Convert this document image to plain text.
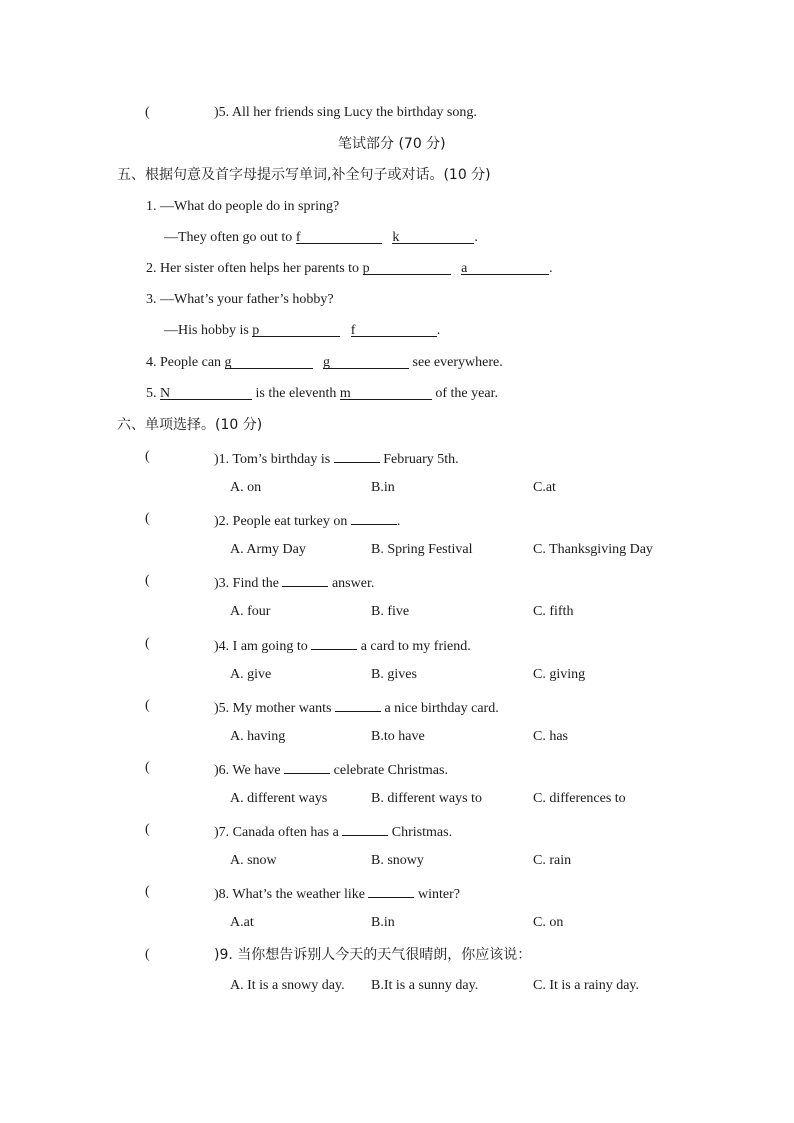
(	)5. All her friends sing Lucy the birthday song.
笔试部分 (70 分)
五、根据句意及首字母提示写单词,补全句子或对话。(10 分)
1. —What do people do in spring?
—They often go out to f	k	.
2. Her sister often helps her parents to p	a	.
3. —What’s your father’s hobby?
—His hobby is p	f	.
4. People can g	g	see everywhere.
5. N	is the eleventh m	of the year.
六、单项选择。(10 分)
(	)1. Tom’s birthday is	February 5th.
A. on	B.in	C.at
(	)2. People eat turkey on	.
A. Army Day	B. Spring Festival	C. Thanksgiving Day
(	)3. Find the	answer.
A. four	B. five	C. fifth
(	)4. I am going to	a card to my friend.
A. give	B. gives	C. giving
(	)5. My mother wants	a nice birthday card.
A. having	B.to have	C. has
(	)6. We have	celebrate Christmas.
A. different ways	B. different ways to	C. differences to
(	)7. Canada often has a	Christmas.
A. snow	B. snowy	C. rain
(	)8. What’s the weather like	winter?
A.at	B.in	C. on
(	)9. 当你想告诉别人今天的天气很晴朗，你应该说：
A. It is a snowy day. B.It is a sunny day.	C. It is a rainy day.
